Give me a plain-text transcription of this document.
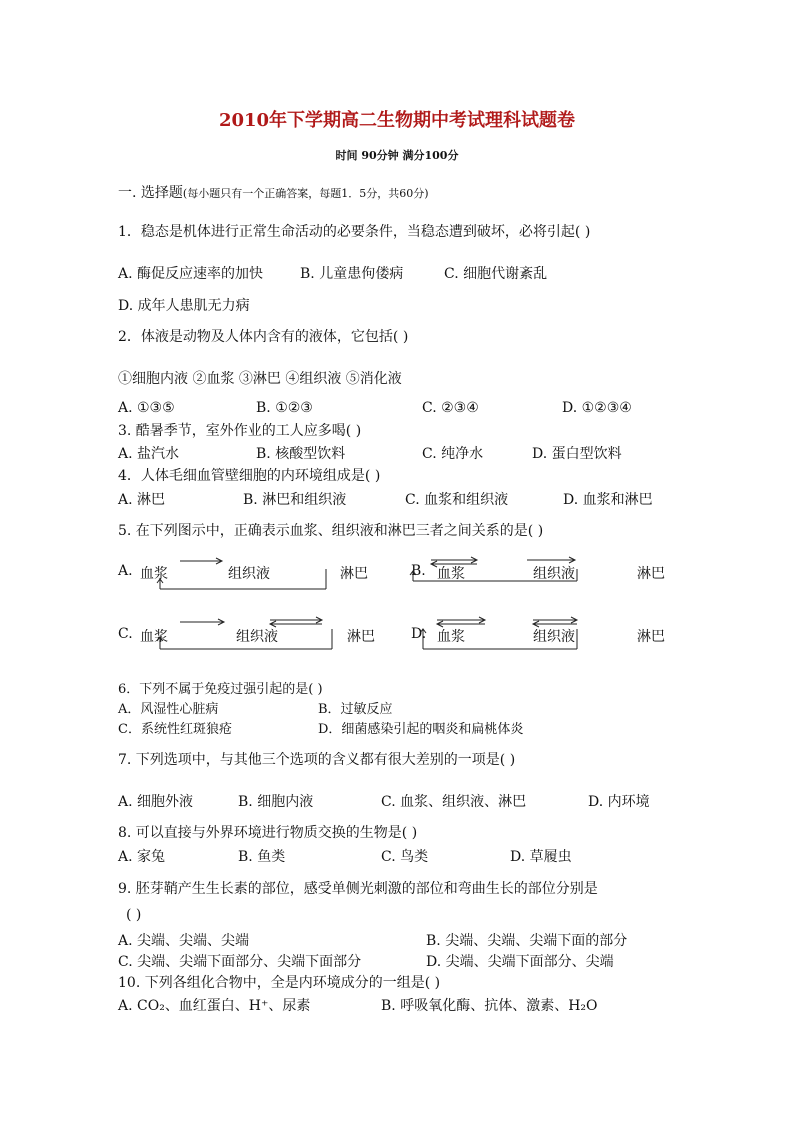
2010年下学期高二生物期中考试理科试题卷
时间 90分钟 满分100分
一. 选择题(每小题只有一个正确答案，每题1．5分，共60分)
1．稳态是机体进行正常生命活动的必要条件，当稳态遭到破坏，必将引起( )
A. 酶促反应速率的加快	B. 儿童患佝偻病	C. 细胞代谢紊乱
D. 成年人患肌无力病
2．体液是动物及人体内含有的液体，它包括( )
①细胞内液 ②血浆 ③淋巴 ④组织液 ⑤消化液
A. ①③⑤	B. ①②③	C. ②③④	D. ①②③④
3. 酷暑季节，室外作业的工人应多喝( )
A. 盐汽水	B. 核酸型饮料	C. 纯净水	D. 蛋白型饮料
4．人体毛细血管壁细胞的内环境组成是( )
A. 淋巴	B. 淋巴和组织液	C. 血浆和组织液	D. 血浆和淋巴
5. 在下列图示中，正确表示血浆、组织液和淋巴三者之间关系的是( )
A. 血浆	组织液	淋巴	B. 血浆	组织液	淋巴
C. 血浆	组织液	淋巴	D. 血浆	组织液	淋巴
6．下列不属于免疫过强引起的是( )
A．风湿性心脏病	B．过敏反应
C．系统性红斑狼疮	D．细菌感染引起的咽炎和扁桃体炎
7. 下列选项中，与其他三个选项的含义都有很大差别的一项是( )
A. 细胞外液	B. 细胞内液	C. 血浆、组织液、淋巴	D. 内环境
8. 可以直接与外界环境进行物质交换的生物是( )
A. 家兔	B. 鱼类	C. 鸟类	D. 草履虫
9. 胚芽鞘产生生长素的部位，感受单侧光刺激的部位和弯曲生长的部位分别是
( )
A. 尖端、尖端、尖端	B. 尖端、尖端、尖端下面的部分
C. 尖端、尖端下面部分、尖端下面部分	D. 尖端、尖端下面部分、尖端
10. 下列各组化合物中，全是内环境成分的一组是( )
A. CO₂、血红蛋白、H⁺、尿素	B. 呼吸氧化酶、抗体、激素、H₂O
